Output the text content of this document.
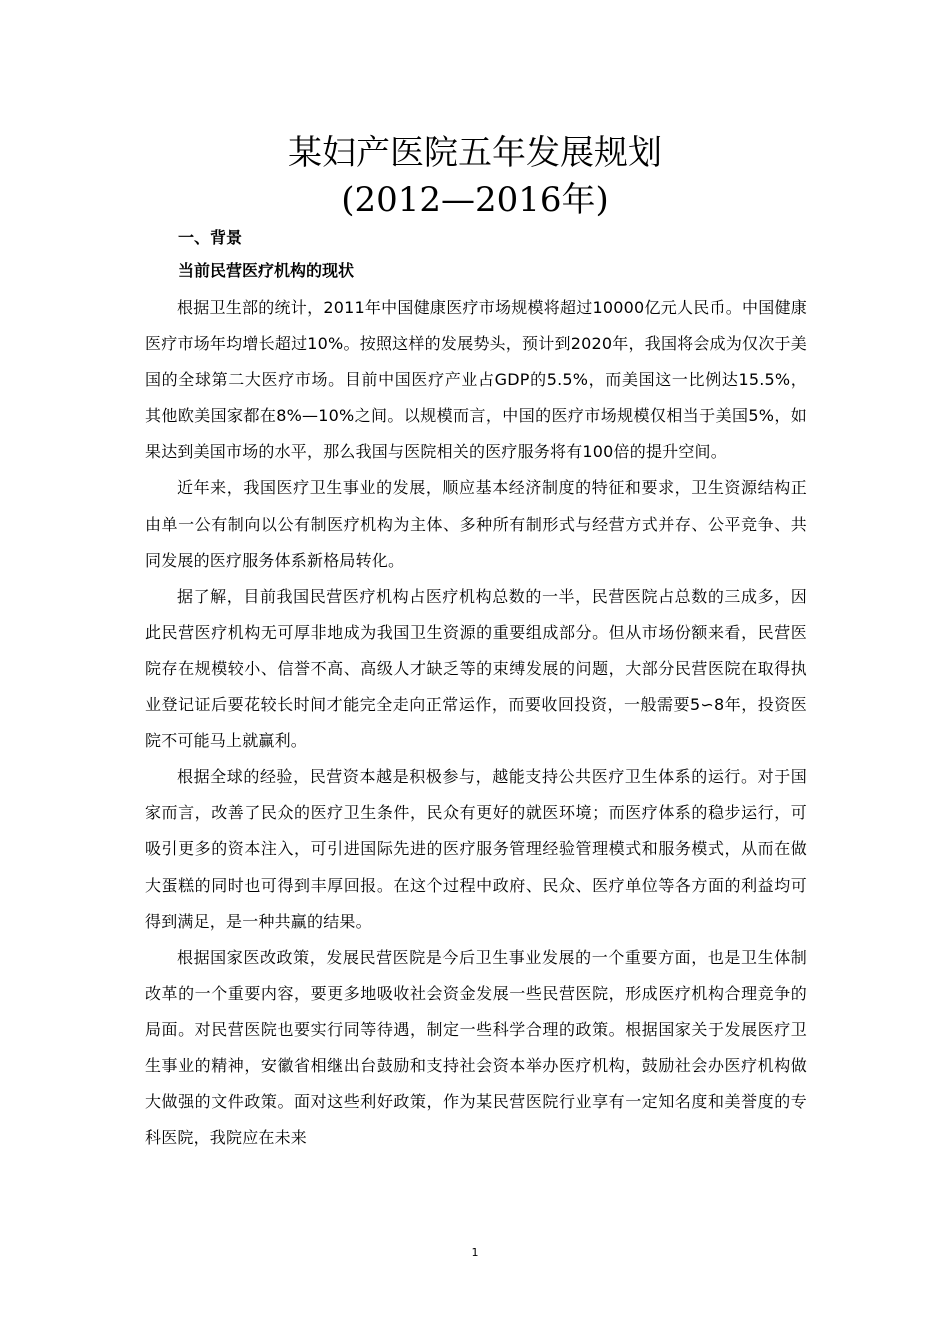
某妇产医院五年发展规划
(2012—2016年)
一、背景
当前民营医疗机构的现状

根据卫生部的统计，2011年中国健康医疗市场规模将超过10000亿元人民币。中国健康医疗市场年均增长超过10%。按照这样的发展势头，预计到2020年，我国将会成为仅次于美国的全球第二大医疗市场。目前中国医疗产业占GDP的5.5%，而美国这一比例达15.5%，其他欧美国家都在8%—10%之间。以规模而言，中国的医疗市场规模仅相当于美国5%，如果达到美国市场的水平，那么我国与医院相关的医疗服务将有100倍的提升空间。

近年来，我国医疗卫生事业的发展，顺应基本经济制度的特征和要求，卫生资源结构正由单一公有制向以公有制医疗机构为主体、多种所有制形式与经营方式并存、公平竞争、共同发展的医疗服务体系新格局转化。

据了解，目前我国民营医疗机构占医疗机构总数的一半，民营医院占总数的三成多，因此民营医疗机构无可厚非地成为我国卫生资源的重要组成部分。但从市场份额来看，民营医院存在规模较小、信誉不高、高级人才缺乏等的束缚发展的问题，大部分民营医院在取得执业登记证后要花较长时间才能完全走向正常运作，而要收回投资，一般需要5∽8年，投资医院不可能马上就赢利。

根据全球的经验，民营资本越是积极参与，越能支持公共医疗卫生体系的运行。对于国家而言，改善了民众的医疗卫生条件，民众有更好的就医环境；而医疗体系的稳步运行，可吸引更多的资本注入，可引进国际先进的医疗服务管理经验管理模式和服务模式，从而在做大蛋糕的同时也可得到丰厚回报。在这个过程中政府、民众、医疗单位等各方面的利益均可得到满足，是一种共赢的结果。

根据国家医改政策，发展民营医院是今后卫生事业发展的一个重要方面，也是卫生体制改革的一个重要内容，要更多地吸收社会资金发展一些民营医院，形成医疗机构合理竞争的局面。对民营医院也要实行同等待遇，制定一些科学合理的政策。根据国家关于发展医疗卫生事业的精神，安徽省相继出台鼓励和支持社会资本举办医疗机构，鼓励社会办医疗机构做大做强的文件政策。面对这些利好政策，作为某民营医院行业享有一定知名度和美誉度的专科医院，我院应在未来

1
